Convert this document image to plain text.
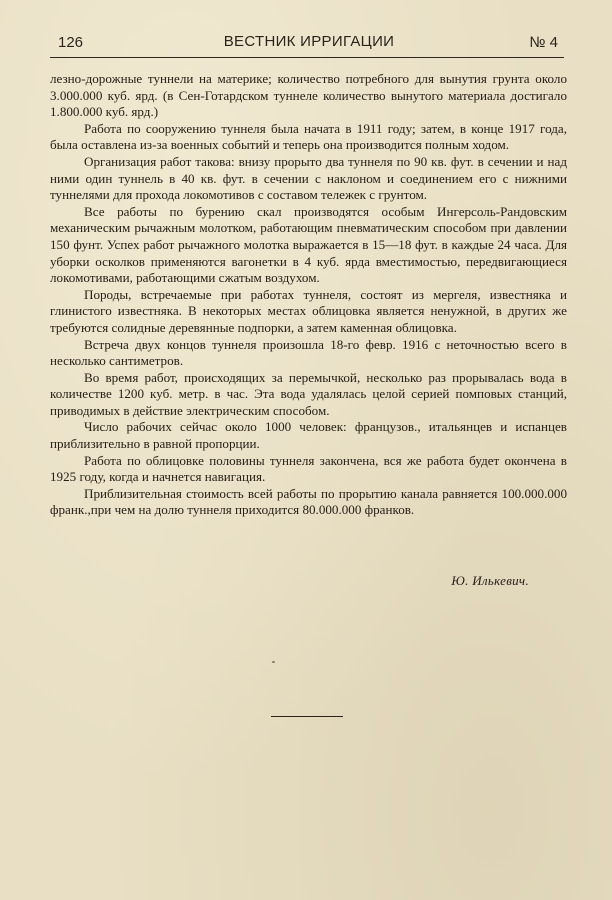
126	ВЕСТНИК ИРРИГАЦИИ	№ 4

лезно-дорожные туннели на материке; количество потребного для вынутия грунта около 3.000.000 куб. ярд. (в Сен-Готардском туннеле количество вынутого материала достигало 1.800.000 куб. ярд.)

Работа по сооружению туннеля была начата в 1911 году; затем, в конце 1917 года, была оставлена из-за военных событий и теперь она производится полным ходом.

Организация работ такова: внизу прорыто два туннеля по 90 кв. фут. в сечении и над ними один туннель в 40 кв. фут. в сечении с наклоном и соединением его с нижними туннелями для прохода локомотивов с составом тележек с грунтом.

Все работы по бурению скал производятся особым Ингерсоль-Рандовским механическим рычажным молотком, работающим пневматическим способом при давлении 150 фунт. Успех работ рычажного молотка выражается в 15—18 фут. в каждые 24 часа. Для уборки осколков применяются вагонетки в 4 куб. ярда вместимостью, передвигающиеся локомотивами, работающими сжатым воздухом.

Породы, встречаемые при работах туннеля, состоят из мергеля, известняка и глинистого известняка. В некоторых местах облицовка является ненужной, в других же требуются солидные деревянные подпорки, а затем каменная облицовка.

Встреча двух концов туннеля произошла 18-го февр. 1916 с неточностью всего в несколько сантиметров.

Во время работ, происходящих за перемычкой, несколько раз прорывалась вода в количестве 1200 куб. метр. в час. Эта вода удалялась целой серией помповых станций, приводимых в действие электрическим способом.

Число рабочих сейчас около 1000 человек: французов., итальянцев и испанцев приблизительно в равной пропорции.

Работа по облицовке половины туннеля закончена, вся же работа будет окончена в 1925 году, когда и начнется навигация.

Приблизительная стоимость всей работы по прорытию канала равняется 100.000.000 франк.,при чем на долю туннеля приходится 80.000.000 франков.

Ю. Илькевич.
